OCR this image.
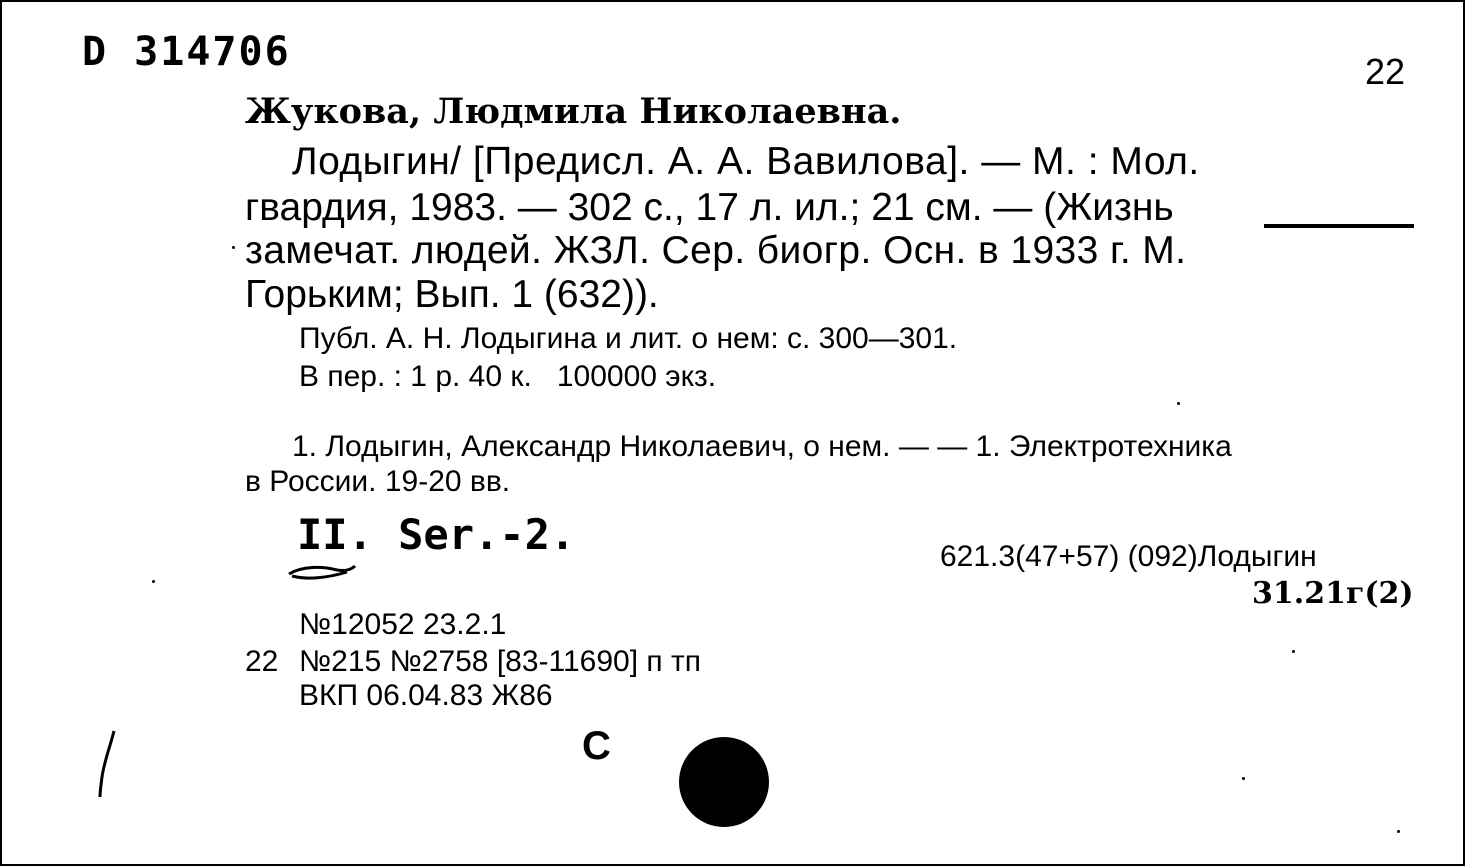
D 314706	22
Жукова, Людмила Николаевна.
Лодыгин/ [Предисл. А. А. Вавилова]. — М. : Мол.
гвардия, 1983. — 302 с., 17 л. ил.; 21 см. — (Жизнь
замечат. людей. ЖЗЛ. Сер. биогр. Осн. в 1933 г. М.
Горьким; Вып. 1 (632)).
Публ. А. Н. Лодыгина и лит. о нем: с. 300—301.
В пер. : 1 р. 40 к.   100000 экз.
1. Лодыгин, Александр Николаевич, о нем. — — 1. Электротехника
в России. 19-20 вв.
II. Ser.-2.	621.3(47+57) (092)Лодыгин
31.21г(2)
№12052 23.2.1
22 №215 №2758 [83-11690] п тп
ВКП 06.04.83 Ж86
С
